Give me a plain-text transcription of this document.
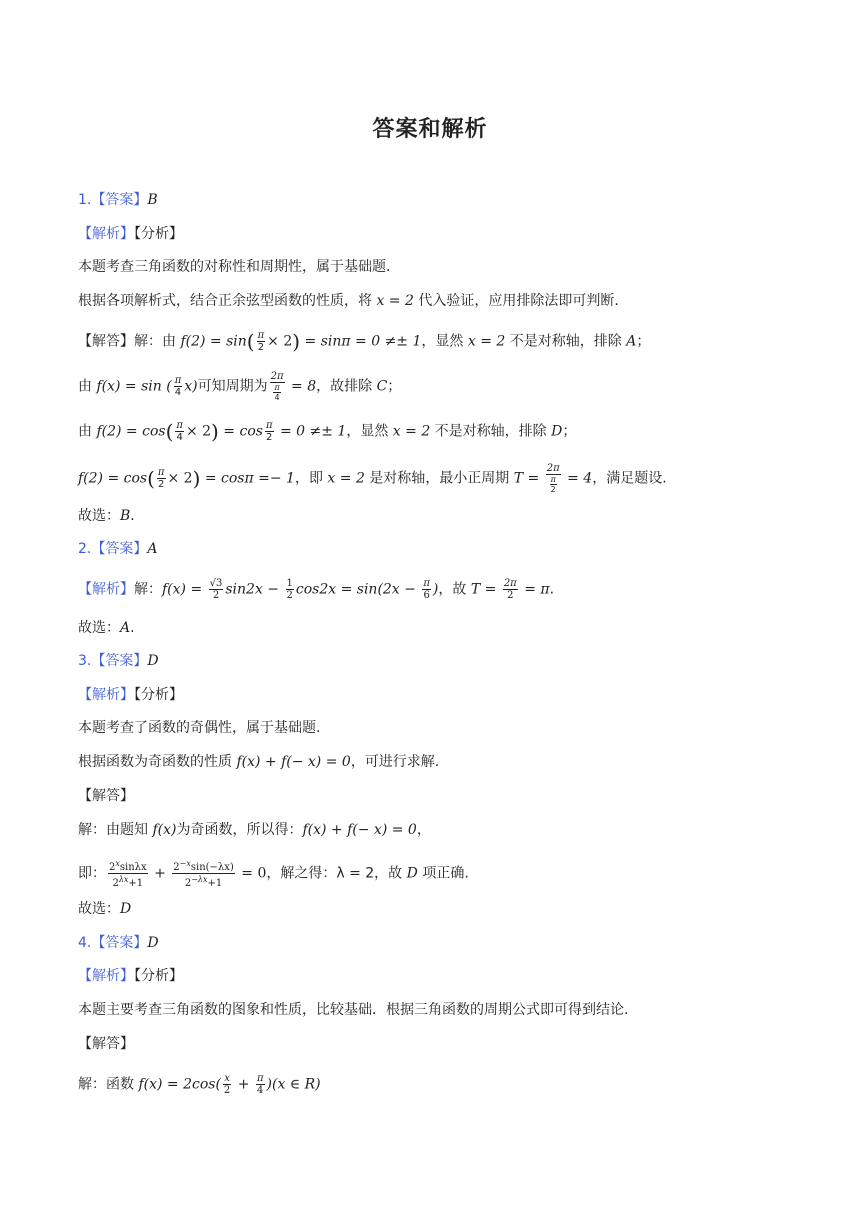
答案和解析
1.【答案】B
【解析】【分析】
本题考查三角函数的对称性和周期性，属于基础题.
根据各项解析式，结合正余弦型函数的性质，将 x = 2 代入验证，应用排除法即可判断.
【解答】解：由 $f(2) = \sin( \frac{\pi}{2} \times 2) = \sin\pi = 0 \ne\pm 1$，显然 x = 2 不是对称轴，排除 A；
由 f(x) = sin ( $\frac{\pi}{4} x$)可知周期为 $\frac{2\pi}{\frac{\pi}{4}} = 8$，故排除 C；
由 $f(2) = \cos( \frac{\pi}{4} \times 2) = \cos \frac{\pi}{2} = 0 \ne\pm 1$，显然 x = 2 不是对称轴，排除 D；
$f(2) = \cos( \frac{\pi}{2} \times 2) = \cos\pi =- 1$，即 x = 2 是对称轴，最小正周期 $T = \frac{2\pi}{\frac{\pi}{2}} = 4$，满足题设.
故选：B.
2.【答案】A
【解析】解：$f(x) = \frac{√3}{2} \sin 2x - \frac{1}{2} \cos 2x = \sin(2x - \frac{\pi}{6}$ )，故 $T = \frac{2\pi}{2} = \pi$.
故选：A.
3.【答案】D
【解析】【分析】
本题考查了函数的奇偶性，属于基础题.
根据函数为奇函数的性质 f(x) + f(− x) = 0，可进行求解.
【解答】
解：由题知 f(x)为奇函数，所以得：f(x) + f(− x) = 0，
即： $\frac{2^x\sin\lambda x}{2^{\lambda x}+1} + \frac{2^{-x}\sin(-\lambda x)}{2^{-\lambda x}+1} = 0$，解之得：λ = 2，故 D 项正确.
故选：D
4.【答案】D
【解析】【分析】
本题主要考查三角函数的图象和性质，比较基础．根据三角函数的周期公式即可得到结论.
【解答】
解：函数 $f(x) = 2\cos( \frac{x}{2} + \frac{\pi}{4} )(x$ ∈ R)
